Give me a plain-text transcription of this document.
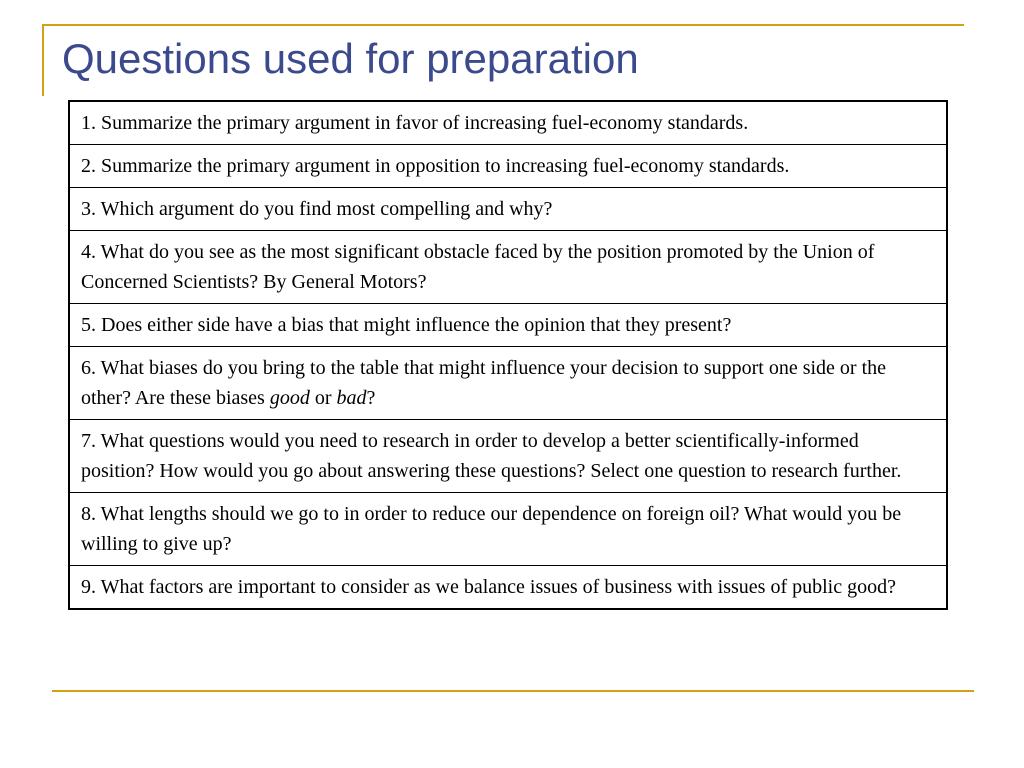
Questions used for preparation
1. Summarize the primary argument in favor of increasing fuel-economy standards.
2. Summarize the primary argument in opposition to increasing fuel-economy standards.
3. Which argument do you find most compelling and why?
4. What do you see as the most significant obstacle faced by the position promoted by the Union of Concerned Scientists? By General Motors?
5. Does either side have a bias that might influence the opinion that they present?
6. What biases do you bring to the table that might influence your decision to support one side or the other? Are these biases good or bad?
7. What questions would you need to research in order to develop a better scientifically-informed position? How would you go about answering these questions? Select one question to research further.
8. What lengths should we go to in order to reduce our dependence on foreign oil? What would you be willing to give up?
9. What factors are important to consider as we balance issues of business with issues of public good?
